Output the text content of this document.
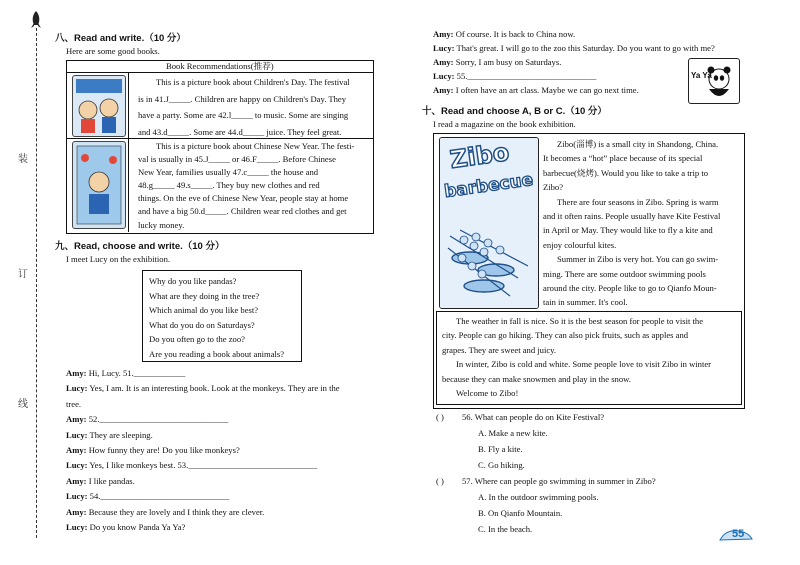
装
订
线
八、Read and write.（10 分）
Here are some good books.
Book Recommendations(推荐)
This is a picture book about Children's Day. The festival
is in 41.J_____. Children are happy on Children's Day. They
have a party. Some are 42.l_____ to music. Some are singing
and 43.d_____. Some are 44.d_____ juice. They feel great.
This is a picture book about Chinese New Year. The festi-
val is usually in 45.J_____ or 46.F_____. Before Chinese
New Year, families usually 47.c_____ the house and
48.g_____ 49.s_____. They buy new clothes and red
things. On the eve of Chinese New Year, people stay at home
and have a big 50.d_____. Children wear red clothes and get
lucky money.
九、Read, choose and write.（10 分）
I meet Lucy on the exhibition.
Why do you like pandas?
What are they doing in the tree?
Which animal do you like best?
What do you do on Saturdays?
Do you often go to the zoo?
Are you reading a book about animals?
Amy: Hi, Lucy. 51.____________
Lucy: Yes, I am. It is an interesting book. Look at the monkeys. They are in the
tree.
Amy: 52.______________________________
Lucy: They are sleeping.
Amy: How funny they are! Do you like monkeys?
Lucy: Yes, I like monkeys best. 53.______________________________
Amy: I like pandas.
Lucy: 54.______________________________
Amy: Because they are lovely and I think they are clever.
Lucy: Do you know Panda Ya Ya?
Amy: Of course. It is back to China now.
Lucy: That's great. I will go to the zoo this Saturday. Do you want to go with me?
Amy: Sorry, I am busy on Saturdays.
Lucy: 55.______________________________
Amy: I often have an art class. Maybe we can go next time.
Ya Ya
十、Read and choose A, B or C.（10 分）
I read a magazine on the book exhibition.
Zibo
barbecue
Zibo(淄博) is a small city in Shandong, China.
It becomes a “hot” place because of its special
barbecue(烧烤). Would you like to take a trip to
Zibo?
There are four seasons in Zibo. Spring is warm
and it often rains. People usually have Kite Festival
in April or May. They would like to fly a kite and
enjoy colourful kites.
Summer in Zibo is very hot. You can go swim-
ming. There are some outdoor swimming pools
around the city. People like to go to Qianfo Moun-
tain in summer. It's cool.
The weather in fall is nice. So it is the best season for people to visit the
city. People can go hiking. They can also pick fruits, such as apples and
grapes. They are sweet and juicy.
In winter, Zibo is cold and white. Some people love to visit Zibo in winter
because they can make snowmen and play in the snow.
Welcome to Zibo!
( ) 56. What can people do on Kite Festival?
A. Make a new kite.
B. Fly a kite.
C. Go hiking.
( ) 57. Where can people go swimming in summer in Zibo?
A. In the outdoor swimming pools.
B. On Qianfo Mountain.
C. In the beach.	55
